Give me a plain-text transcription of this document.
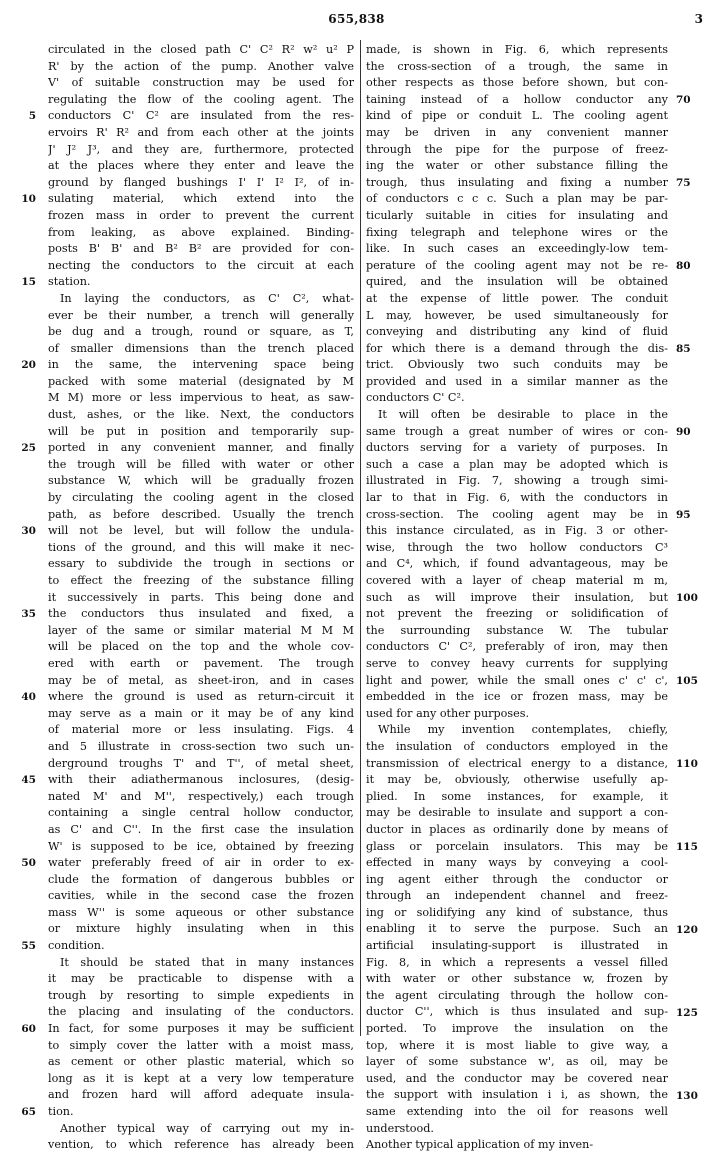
655,838	3
circulated in the closed path C' C² R² w² u² P
R' by the action of the pump. Another valve
V' of suitable construction may be used for
regulating the flow of the cooling agent. The
conductors C' C² are insulated from the res-
ervoirs R' R² and from each other at the joints
J' J² J³, and they are, furthermore, protected
at the places where they enter and leave the
ground by flanged bushings I' I' I² I², of in-
sulating material, which extend into the
frozen mass in order to prevent the current
from leaking, as above explained. Binding-
posts B' B' and B² B² are provided for con-
necting the conductors to the circuit at each
station.
In laying the conductors, as C' C², what-
ever be their number, a trench will generally
be dug and a trough, round or square, as T,
of smaller dimensions than the trench placed
in the same, the intervening space being
packed with some material (designated by M
M M) more or less impervious to heat, as saw-
dust, ashes, or the like. Next, the conductors
will be put in position and temporarily sup-
ported in any convenient manner, and finally
the trough will be filled with water or other
substance W, which will be gradually frozen
by circulating the cooling agent in the closed
path, as before described. Usually the trench
will not be level, but will follow the undula-
tions of the ground, and this will make it nec-
essary to subdivide the trough in sections or
to effect the freezing of the substance filling
it successively in parts. This being done and
the conductors thus insulated and fixed, a
layer of the same or similar material M M M
will be placed on the top and the whole cov-
ered with earth or pavement. The trough
may be of metal, as sheet-iron, and in cases
where the ground is used as return-circuit it
may serve as a main or it may be of any kind
of material more or less insulating. Figs. 4
and 5 illustrate in cross-section two such un-
derground troughs T' and T'', of metal sheet,
with their adiathermanous inclosures, (desig-
nated M' and M'', respectively,) each trough
containing a single central hollow conductor,
as C' and C''. In the first case the insulation
W' is supposed to be ice, obtained by freezing
water preferably freed of air in order to ex-
clude the formation of dangerous bubbles or
cavities, while in the second case the frozen
mass W'' is some aqueous or other substance
or mixture highly insulating when in this
condition.
It should be stated that in many instances
it may be practicable to dispense with a
trough by resorting to simple expedients in
the placing and insulating of the conductors.
In fact, for some purposes it may be sufficient
to simply cover the latter with a moist mass,
as cement or other plastic material, which so
long as it is kept at a very low temperature
and frozen hard will afford adequate insula-
tion.
Another typical way of carrying out my in-
vention, to which reference has already been
made, is shown in Fig. 6, which represents
the cross-section of a trough, the same in
other respects as those before shown, but con-
taining instead of a hollow conductor any
kind of pipe or conduit L. The cooling agent
may be driven in any convenient manner
through the pipe for the purpose of freez-
ing the water or other substance filling the
trough, thus insulating and fixing a number
of conductors c c c. Such a plan may be par-
ticularly suitable in cities for insulating and
fixing telegraph and telephone wires or the
like. In such cases an exceedingly-low tem-
perature of the cooling agent may not be re-
quired, and the insulation will be obtained
at the expense of little power. The conduit
L may, however, be used simultaneously for
conveying and distributing any kind of fluid
for which there is a demand through the dis-
trict. Obviously two such conduits may be
provided and used in a similar manner as the
conductors C' C².
It will often be desirable to place in the
same trough a great number of wires or con-
ductors serving for a variety of purposes. In
such a case a plan may be adopted which is
illustrated in Fig. 7, showing a trough simi-
lar to that in Fig. 6, with the conductors in
cross-section. The cooling agent may be in
this instance circulated, as in Fig. 3 or other-
wise, through the two hollow conductors C³
and C⁴, which, if found advantageous, may be
covered with a layer of cheap material m m,
such as will improve their insulation, but
not prevent the freezing or solidification of
the surrounding substance W. The tubular
conductors C' C², preferably of iron, may then
serve to convey heavy currents for supplying
light and power, while the small ones c' c' c',
embedded in the ice or frozen mass, may be
used for any other purposes.
While my invention contemplates, chiefly,
the insulation of conductors employed in the
transmission of electrical energy to a distance,
it may be, obviously, otherwise usefully ap-
plied. In some instances, for example, it
may be desirable to insulate and support a con-
ductor in places as ordinarily done by means of
glass or porcelain insulators. This may be
effected in many ways by conveying a cool-
ing agent either through the conductor or
through an independent channel and freez-
ing or solidifying any kind of substance, thus
enabling it to serve the purpose. Such an
artificial insulating-support is illustrated in
Fig. 8, in which a represents a vessel filled
with water or other substance w, frozen by
the agent circulating through the hollow con-
ductor C'', which is thus insulated and sup-
ported. To improve the insulation on the
top, where it is most liable to give way, a
layer of some substance w', as oil, may be
used, and the conductor may be covered near
the support with insulation i i, as shown, the
same extending into the oil for reasons well
understood.
Another typical application of my inven-
5
10
15
20
25
30
35
40
45
50
55
60
65
70
75
80
85
90
95
100
105
110
115
120
125
130
